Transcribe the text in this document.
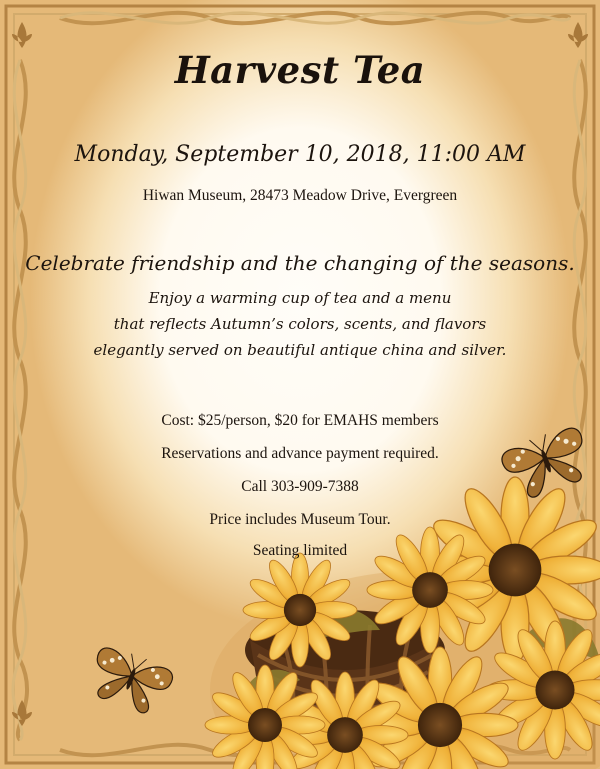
Harvest Tea
Monday, September 10, 2018, 11:00 AM
Hiwan Museum, 28473 Meadow Drive, Evergreen
Celebrate friendship and the changing of the seasons.
Enjoy a warming cup of tea and a menu
that reflects Autumn’s colors, scents, and flavors
elegantly served on beautiful antique china and silver.
Cost: $25/person, $20 for EMAHS members
Reservations and advance payment required.
Call 303-909-7388
Price includes Museum Tour.
Seating limited
